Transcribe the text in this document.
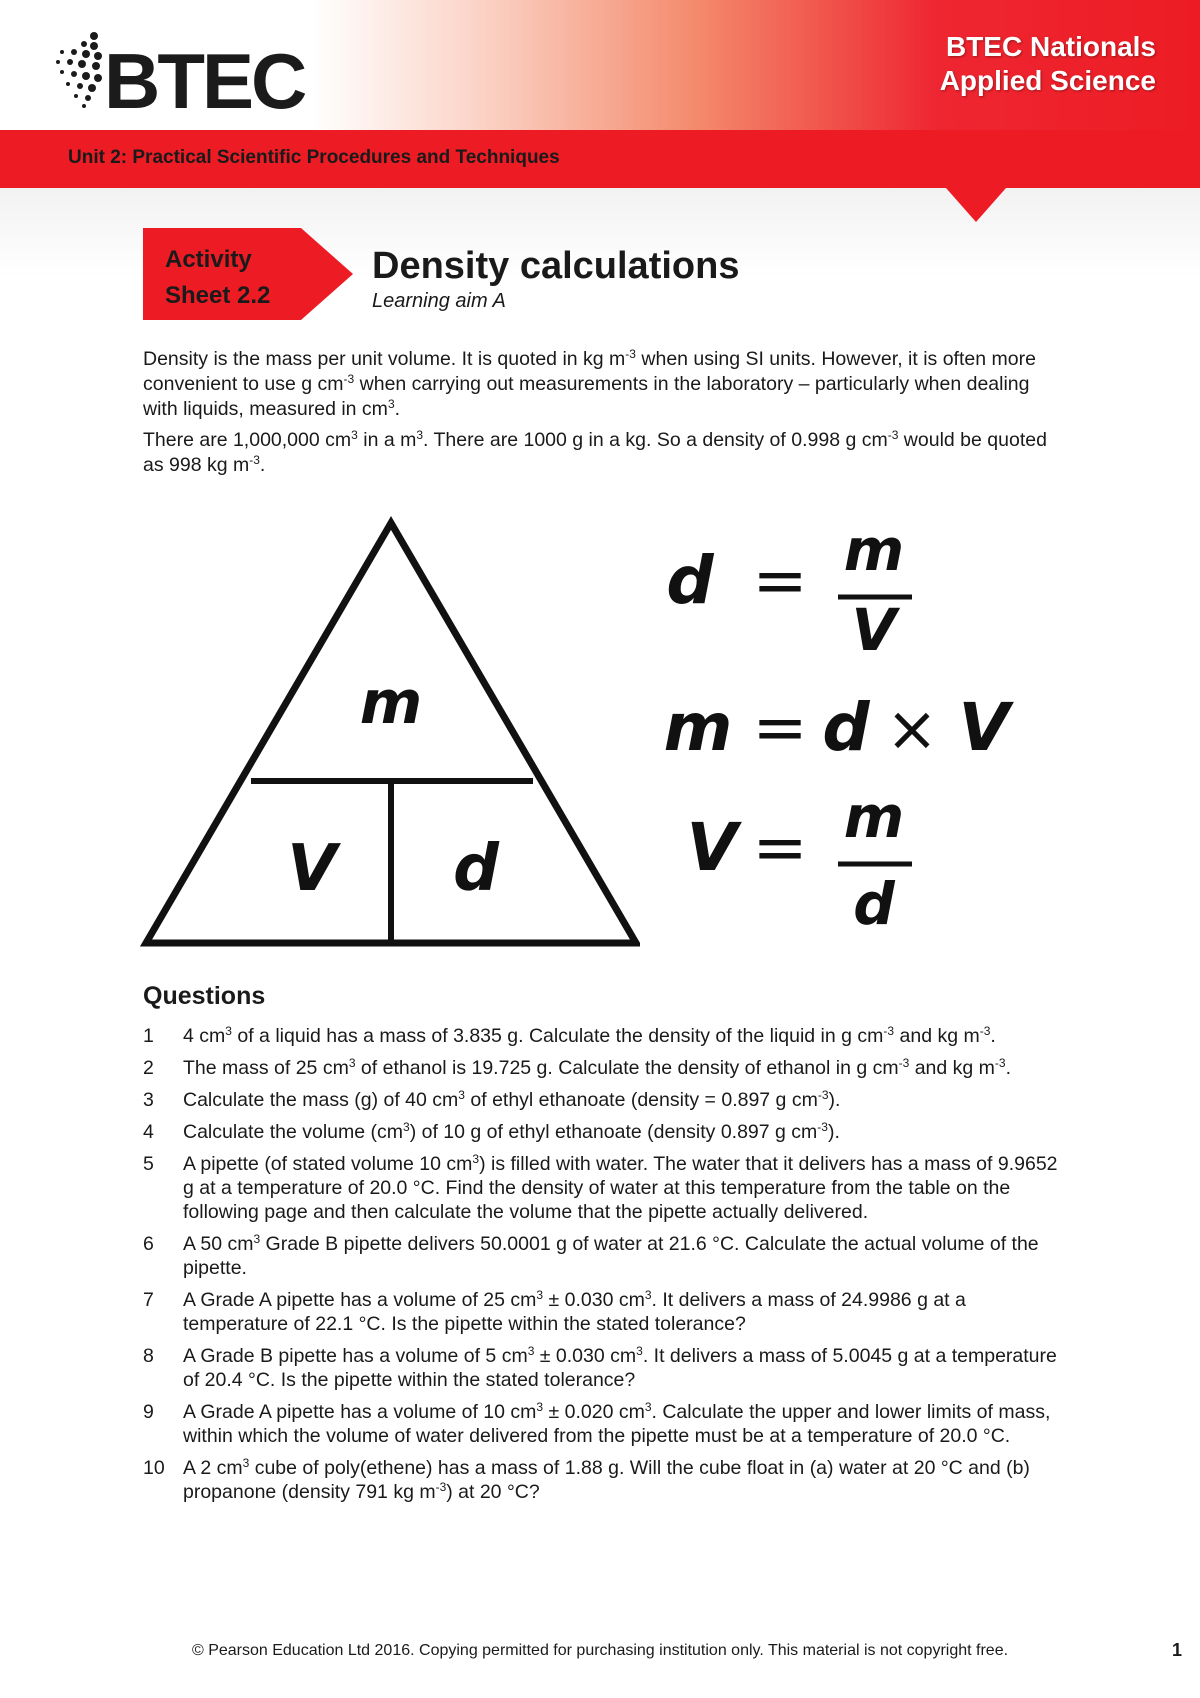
BTEC	BTEC Nationals
Applied Science
Unit 2: Practical Scientific Procedures and Techniques
Activity
Sheet 2.2
Density calculations
Learning aim A

Density is the mass per unit volume. It is quoted in kg $m^{-3}$ when using SI units. However, it is often more convenient to use g $cm^{-3}$ when carrying out measurements in the laboratory – particularly when dealing with liquids, measured in $cm^3$.

There are 1,000,000 $cm^3$ in a $m^3$. There are 1000 g in a kg. So a density of 0.998 g $cm^{-3}$ would be quoted as 998 kg $m^{-3}$.

m
V d
d = m
V
m = d × V
V = m
d
Questions
1	4 $cm^3$ of a liquid has a mass of 3.835 g. Calculate the density of the liquid in g $cm^{-3}$ and kg $m^{-3}$.
2	The mass of 25 $cm^3$ of ethanol is 19.725 g. Calculate the density of ethanol in g $cm^{-3}$ and kg $m^{-3}$.
3	Calculate the mass (g) of 40 $cm^3$ of ethyl ethanoate (density = 0.897 g $cm^{-3}$).
4	Calculate the volume $(cm^3)$ of 10 g of ethyl ethanoate (density 0.897 g $cm^{-3}$).
5	A pipette (of stated volume 10 $cm^3$) is filled with water. The water that it delivers has a mass of 9.9652 g at a temperature of 20.0 °C. Find the density of water at this temperature from the table on the following page and then calculate the volume that the pipette actually delivered.
6	A 50 $cm^3$ Grade B pipette delivers 50.0001 g of water at 21.6 °C. Calculate the actual volume of the pipette.
7	A Grade A pipette has a volume of 25 $cm^3 \pm 0.030$ $cm^3$. It delivers a mass of 24.9986 g at a temperature of 22.1 °C. Is the pipette within the stated tolerance?
8	A Grade B pipette has a volume of 5 $cm^3 \pm 0.030$ $cm^3$. It delivers a mass of 5.0045 g at a temperature of 20.4 °C. Is the pipette within the stated tolerance?
9	A Grade A pipette has a volume of 10 $cm^3 \pm 0.020$ $cm^3$. Calculate the upper and lower limits of mass, within which the volume of water delivered from the pipette must be at a temperature of 20.0 °C.
10 A 2 $cm^3$ cube of poly(ethene) has a mass of 1.88 g. Will the cube float in (a) water at 20 °C and (b) propanone (density 791 kg $m^{-3}$) at 20 °C?
© Pearson Education Ltd 2016. Copying permitted for purchasing institution only. This material is not copyright free.	1
